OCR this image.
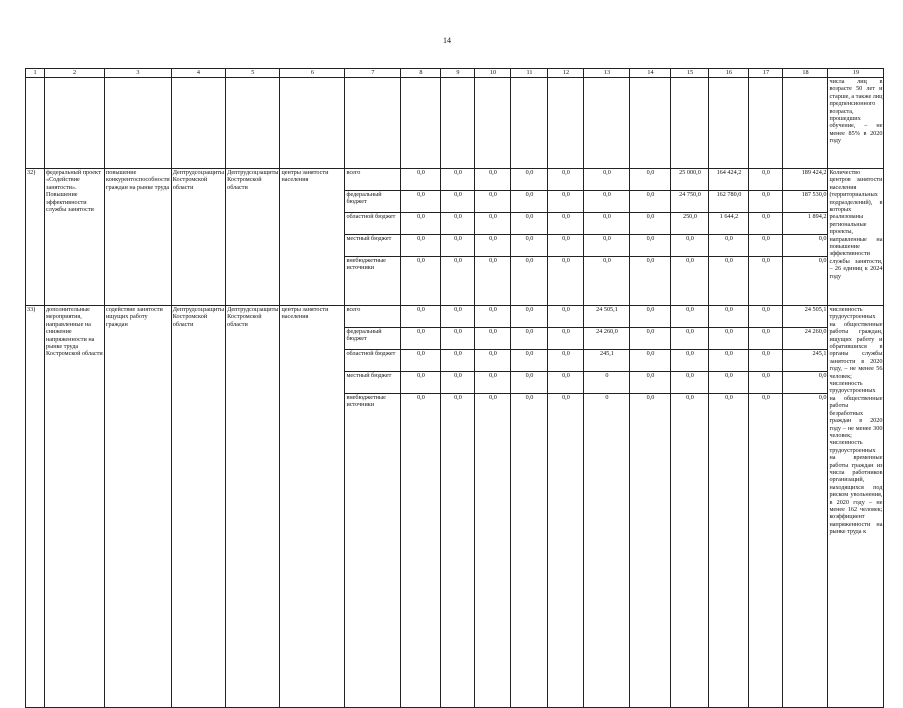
14
1	2	3	4	5	6	7	8	9	10	11	12	13	14	15	16	17	18	19
																		числа лиц в возрасте 50 лет и старше, а также лиц предпенсионного возраста, прошедших обучение, – не менее 85% в 2020 году
32)	федеральный проект «Содействие занятости». Повышение эффективности службы занятости	повышение конкурентоспособности граждан на рынке труда	Дептрудсоцзащиты Костромской области	Дептрудсоцзащиты Костромской области	центры занятости населения	всего	0,0	0,0	0,0	0,0	0,0	0,0	0,0	25 000,0	164 424,2	0,0	189 424,2	Количество центров занятости населения (территориальных подразделений), в которых реализованы региональные проекты, направленные на повышение эффективности службы занятости, – 26 единиц к 2024 году
						федеральный бюджет	0,0	0,0	0,0	0,0	0,0	0,0	0,0	24 750,0	162 780,0	0,0	187 530,0	
						областной бюджет	0,0	0,0	0,0	0,0	0,0	0,0	0,0	250,0	1 644,2	0,0	1 894,2	
						местный бюджет	0,0	0,0	0,0	0,0	0,0	0,0	0,0	0,0	0,0	0,0	0,0	
						внебюджетные источники	0,0	0,0	0,0	0,0	0,0	0,0	0,0	0,0	0,0	0,0	0,0	
33)	дополнительные мероприятия, направленные на снижение напряженности на рынке труда Костромской области	содействие занятости ищущих работу граждан	Дептрудсоцзащиты Костромской области	Дептрудсоцзащиты Костромской области	центры занятости населения	всего	0,0	0,0	0,0	0,0	0,0	24 505,1	0,0	0,0	0,0	0,0	24 505,1	численность трудоустроенных на общественные работы граждан, ищущих работу и обратившихся в органы службы занятости в 2020 году, – не менее 56 человек; численность трудоустроенных на общественные работы безработных граждан в 2020 году – не менее 300 человек; численность трудоустроенных на временные работы граждан из числа работников организаций, находящихся под риском увольнения, в 2020 году – не менее 162 человек; коэффициент напряженности на рынке труда к
						федеральный бюджет	0,0	0,0	0,0	0,0	0,0	24 260,0	0,0	0,0	0,0	0,0	24 260,0	
						областной бюджет	0,0	0,0	0,0	0,0	0,0	245,1	0,0	0,0	0,0	0,0	245,1	
						местный бюджет	0,0	0,0	0,0	0,0	0,0	0	0,0	0,0	0,0	0,0	0,0	
						внебюджетные источники	0,0	0,0	0,0	0,0	0,0	0	0,0	0,0	0,0	0,0	0,0	
